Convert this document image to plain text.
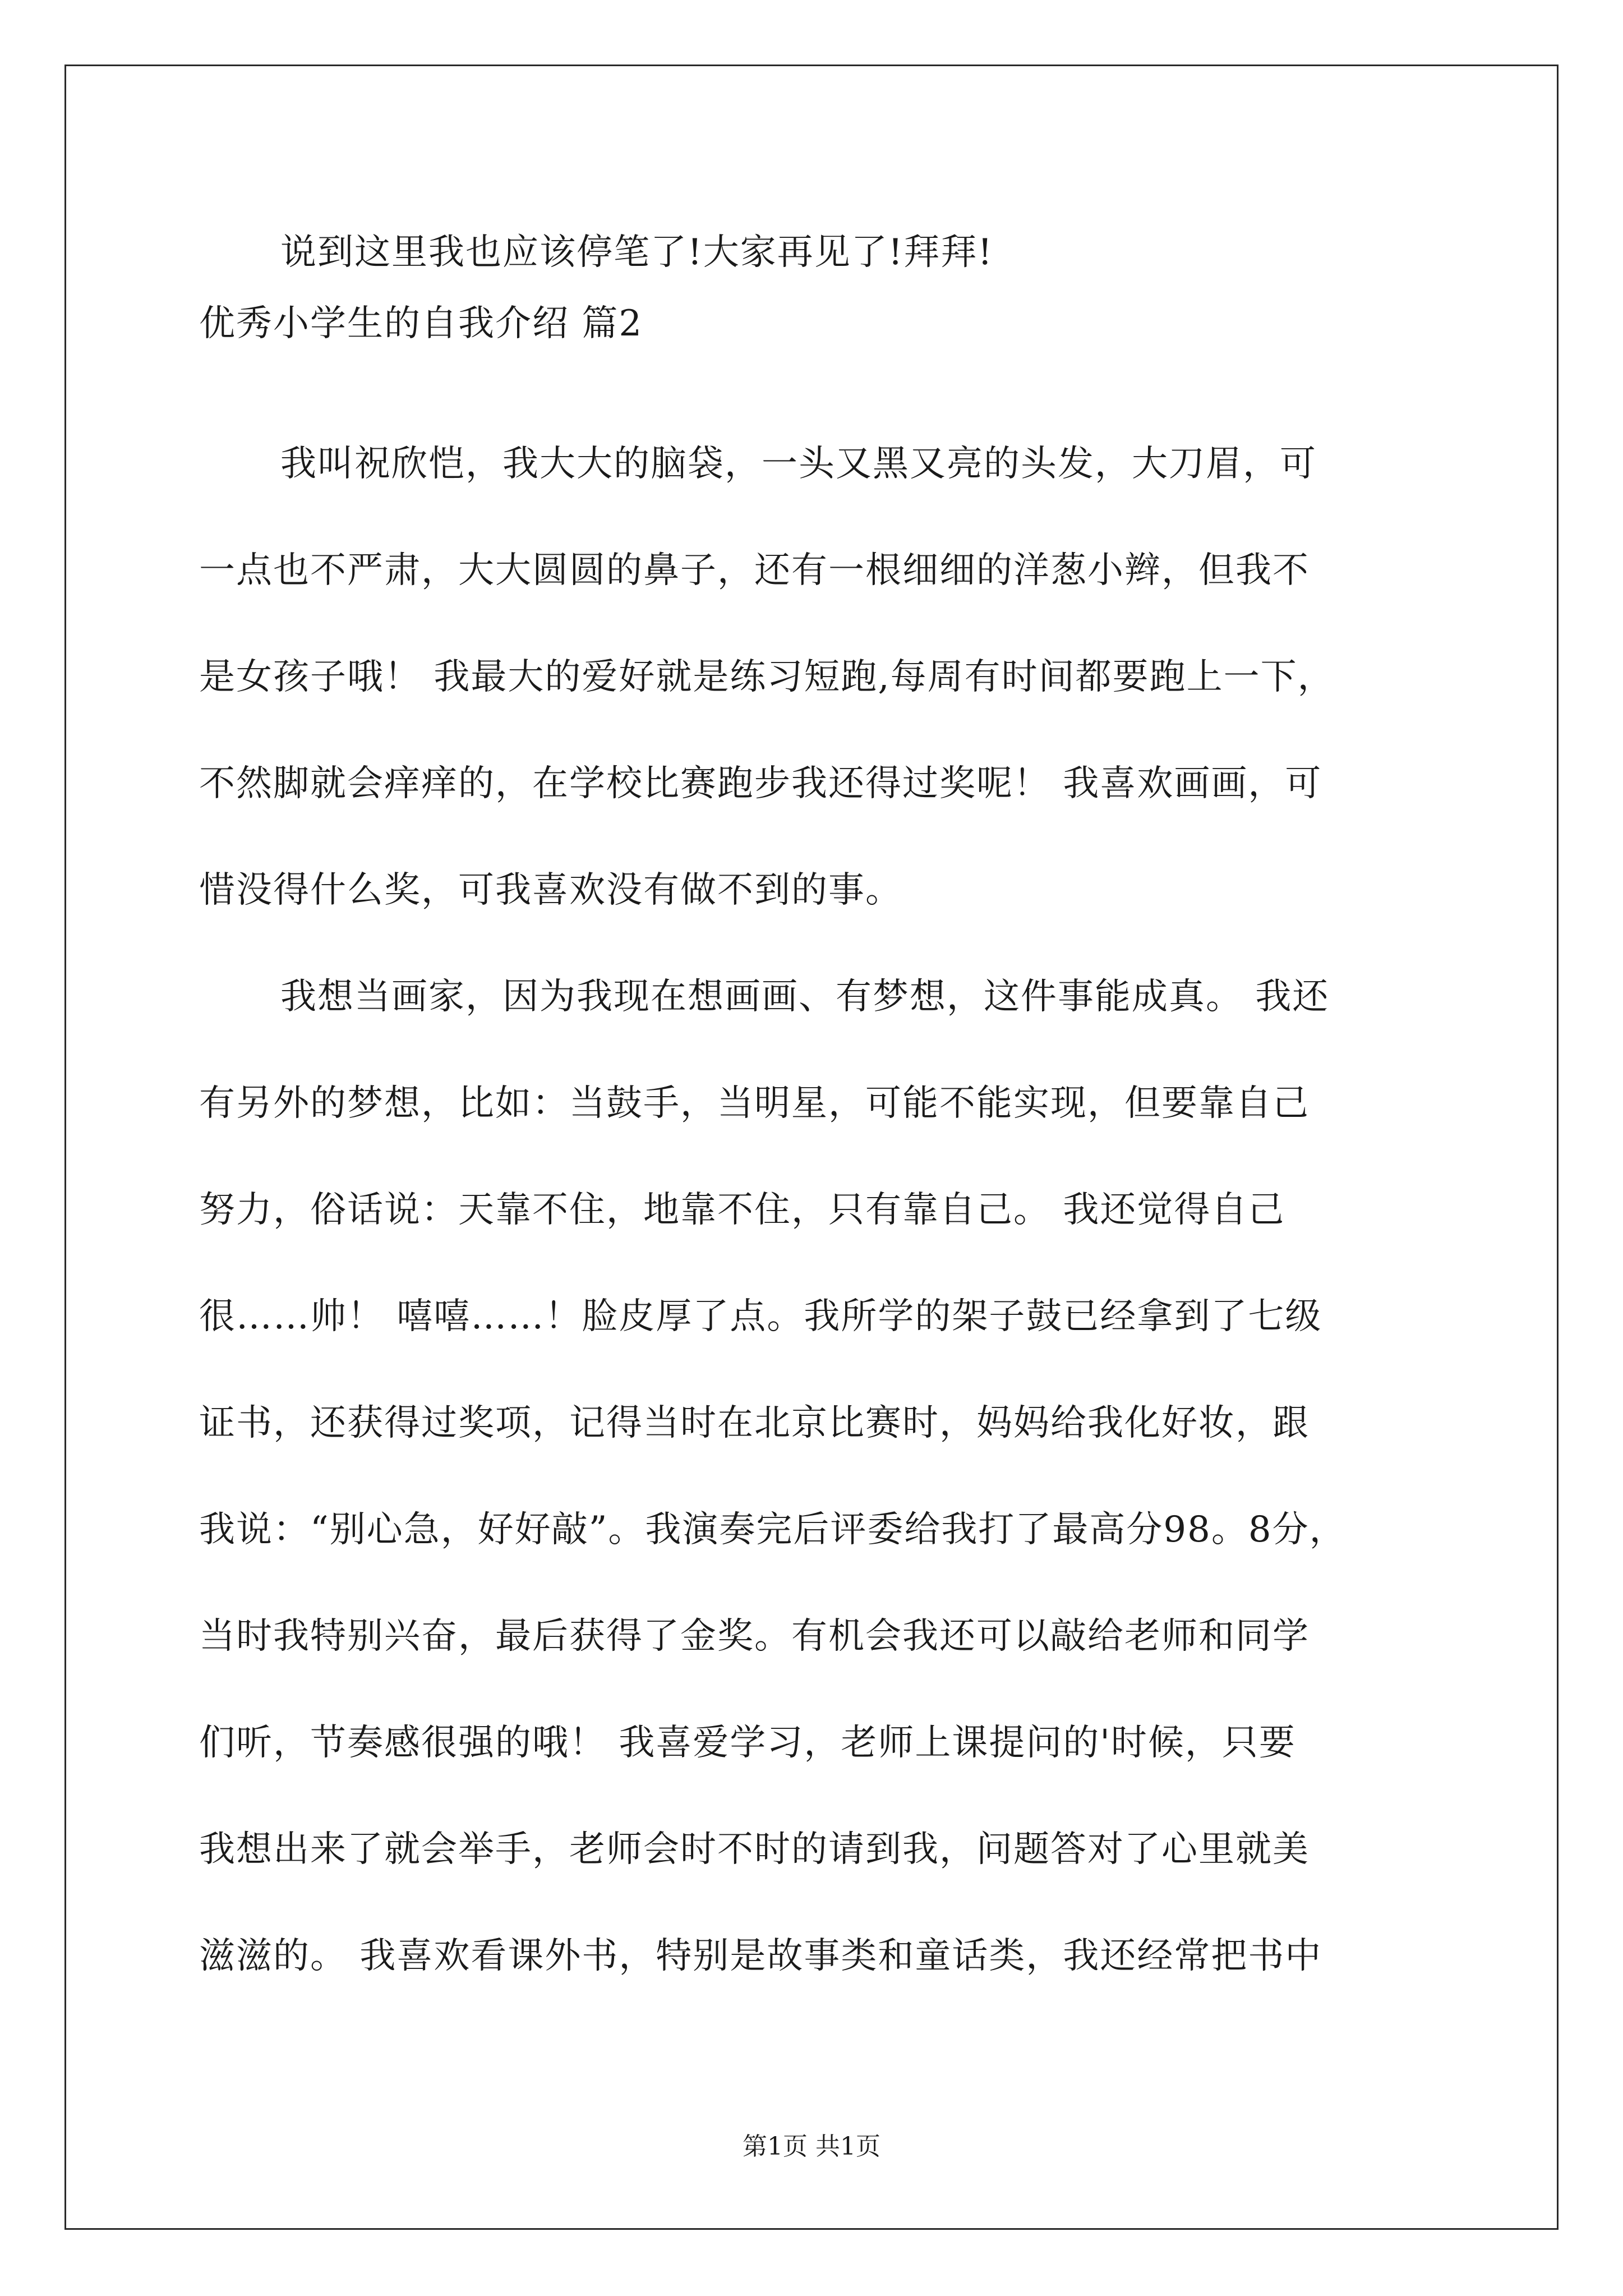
说到这里我也应该停笔了!大家再见了!拜拜!
优秀小学生的自我介绍 篇2
我叫祝欣恺，我大大的脑袋，一头又黑又亮的头发，大刀眉，可
一点也不严肃，大大圆圆的鼻子，还有一根细细的洋葱小辫，但我不
是女孩子哦！ 我最大的爱好就是练习短跑,每周有时间都要跑上一下，
不然脚就会痒痒的，在学校比赛跑步我还得过奖呢！ 我喜欢画画，可
惜没得什么奖，可我喜欢没有做不到的事。
我想当画家，因为我现在想画画、有梦想，这件事能成真。 我还
有另外的梦想，比如：当鼓手，当明星，可能不能实现，但要靠自己
努力，俗话说：天靠不住，地靠不住，只有靠自己。 我还觉得自己
很……帅！ 嘻嘻……！脸皮厚了点。我所学的架子鼓已经拿到了七级
证书，还获得过奖项，记得当时在北京比赛时，妈妈给我化好妆，跟
我说：“别心急，好好敲”。我演奏完后评委给我打了最高分98。8分，
当时我特别兴奋，最后获得了金奖。有机会我还可以敲给老师和同学
们听，节奏感很强的哦！ 我喜爱学习，老师上课提问的'时候，只要
我想出来了就会举手，老师会时不时的请到我，问题答对了心里就美
滋滋的。 我喜欢看课外书，特别是故事类和童话类，我还经常把书中
第1页 共1页
